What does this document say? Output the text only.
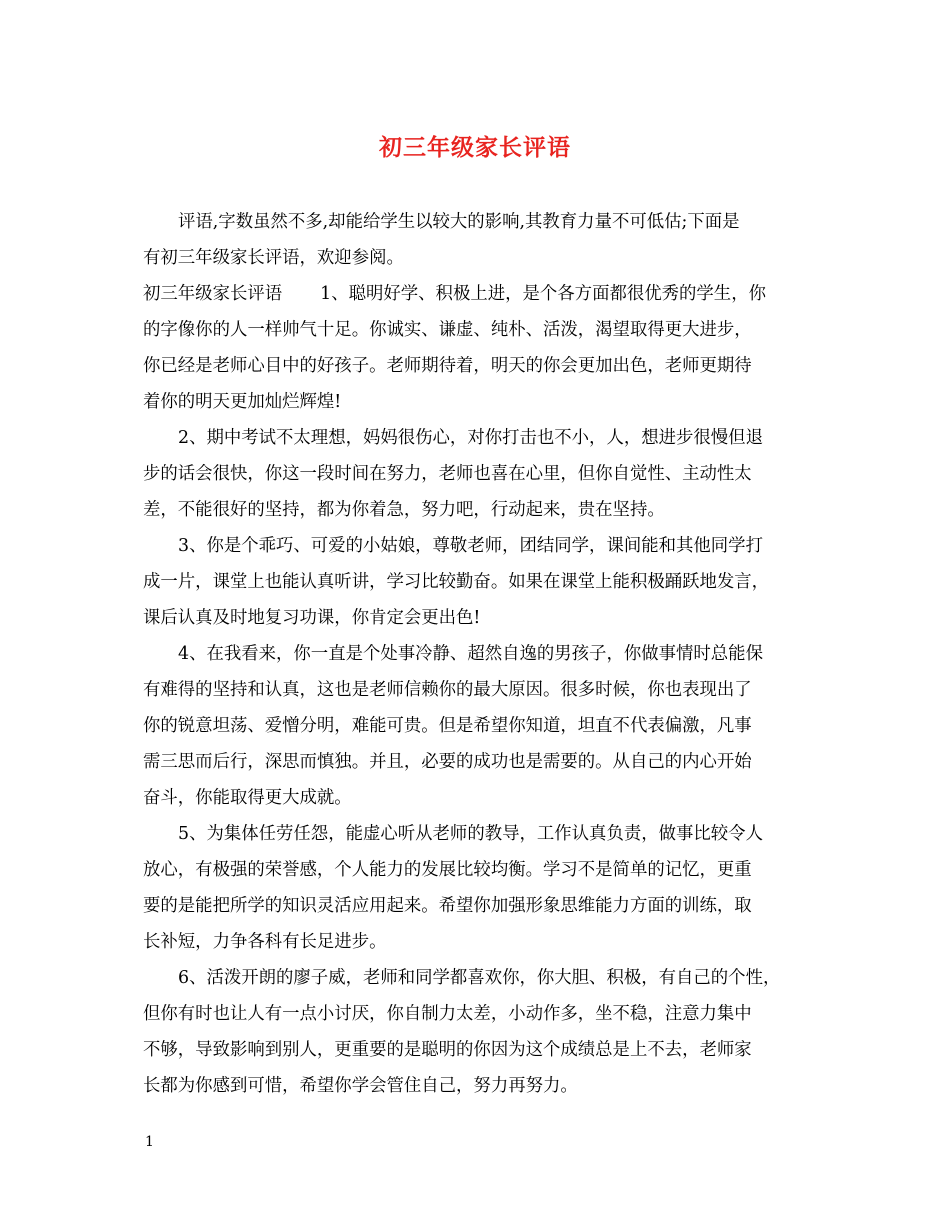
初三年级家长评语

评语,字数虽然不多,却能给学生以较大的影响,其教育力量不可低估;下面是
有初三年级家长评语，欢迎参阅。

初三年级家长评语 1、聪明好学、积极上进，是个各方面都很优秀的学生，你
的字像你的人一样帅气十足。你诚实、谦虚、纯朴、活泼，渴望取得更大进步，
你已经是老师心目中的好孩子。老师期待着，明天的你会更加出色，老师更期待
着你的明天更加灿烂辉煌!

2、期中考试不太理想，妈妈很伤心，对你打击也不小，人，想进步很慢但退
步的话会很快，你这一段时间在努力，老师也喜在心里，但你自觉性、主动性太
差，不能很好的坚持，都为你着急，努力吧，行动起来，贵在坚持。

3、你是个乖巧、可爱的小姑娘，尊敬老师，团结同学，课间能和其他同学打
成一片，课堂上也能认真听讲，学习比较勤奋。如果在课堂上能积极踊跃地发言，
课后认真及时地复习功课，你肯定会更出色!

4、在我看来，你一直是个处事冷静、超然自逸的男孩子，你做事情时总能保
有难得的坚持和认真，这也是老师信赖你的最大原因。很多时候，你也表现出了
你的锐意坦荡、爱憎分明，难能可贵。但是希望你知道，坦直不代表偏激，凡事
需三思而后行，深思而慎独。并且，必要的成功也是需要的。从自己的内心开始
奋斗，你能取得更大成就。

5、为集体任劳任怨，能虚心听从老师的教导，工作认真负责，做事比较令人
放心，有极强的荣誉感，个人能力的发展比较均衡。学习不是简单的记忆，更重
要的是能把所学的知识灵活应用起来。希望你加强形象思维能力方面的训练，取
长补短，力争各科有长足进步。

6、活泼开朗的廖子威，老师和同学都喜欢你，你大胆、积极，有自己的个性，
但你有时也让人有一点小讨厌，你自制力太差，小动作多，坐不稳，注意力集中
不够，导致影响到别人，更重要的是聪明的你因为这个成绩总是上不去，老师家
长都为你感到可惜，希望你学会管住自己，努力再努力。

1
